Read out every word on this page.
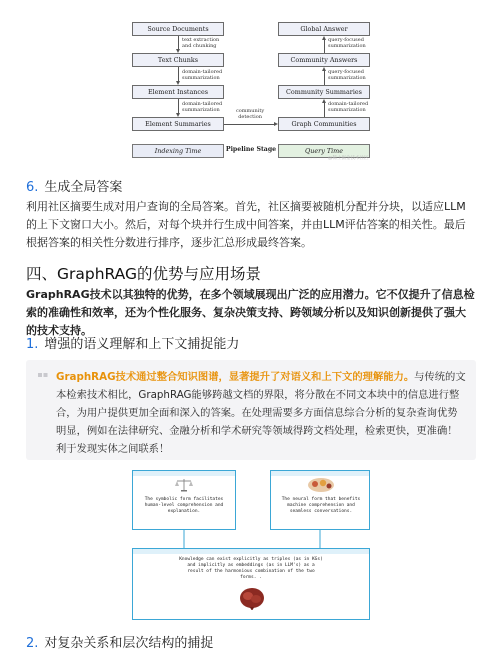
Source Documents
Text Chunks
Element Instances
Element Summaries
text extraction
and chunking
domain-tailored
summarization
domain-tailored
summarization	community
detection
Global Answer
Community Answers
Community Summaries
Graph Communities
query-focused
summarization
query-focused
summarization
domain-tailored
summarization
Indexing Time	Pipeline Stage	Query Time
@稀土掘金技术社区
6. 生成全局答案

利用社区摘要生成对用户查询的全局答案。首先，社区摘要被随机分配并分块，以适应LLM的上下文窗口大小。然后，对每个块并行生成中间答案，并由LLM评估答案的相关性。最后根据答案的相关性分数进行排序，逐步汇总形成最终答案。

四、GraphRAG的优势与应用场景

GraphRAG技术以其独特的优势，在多个领域展现出广泛的应用潜力。它不仅提升了信息检索的准确性和效率，还为个性化服务、复杂决策支持、跨领域分析以及知识创新提供了强大的技术支持。

1. 增强的语义理解和上下文捕捉能力
GraphRAG技术通过整合知识图谱，显著提升了对语义和上下文的理解能力。与传统的文本检索技术相比，GraphRAG能够跨越文档的界限，将分散在不同文本块中的信息进行整合，为用户提供更加全面和深入的答案。在处理需要多方面信息综合分析的复杂查询优势明显，例如在法律研究、金融分析和学术研究等领域得跨文档处理，检索更快，更准确！利于发现实体之间联系！
The symbolic form facilitates
human-level comprehension and
explanation.
The neural form that benefits
machine comprehension and
seamless conversations.
Knowledge can exist explicitly as triples (as in KGs)
and implicitly as embeddings (as in LLM's) as a
result of the harmonious combination of the two
forms. .
2. 对复杂关系和层次结构的捕捉
